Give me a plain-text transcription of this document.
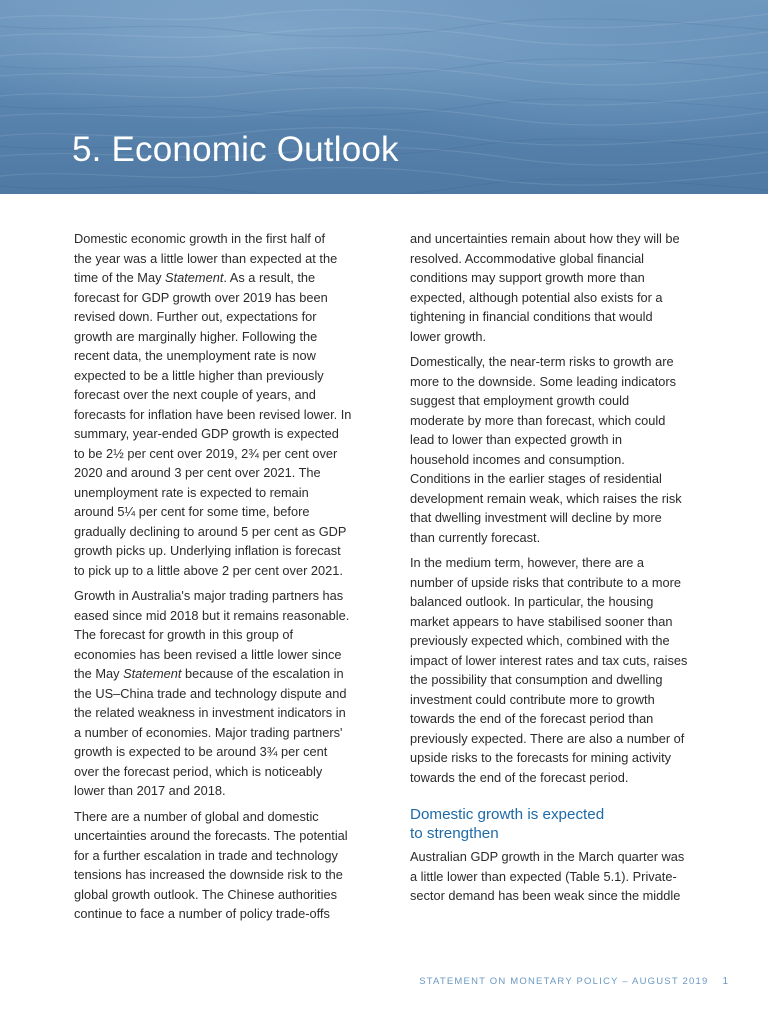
5. Economic Outlook

Domestic economic growth in the first half of
the year was a little lower than expected at the
time of the May Statement. As a result, the
forecast for GDP growth over 2019 has been
revised down. Further out, expectations for
growth are marginally higher. Following the
recent data, the unemployment rate is now
expected to be a little higher than previously
forecast over the next couple of years, and
forecasts for inflation have been revised lower. In
summary, year-ended GDP growth is expected
to be 2½ per cent over 2019, 2¾ per cent over
2020 and around 3 per cent over 2021. The
unemployment rate is expected to remain
around 5¼ per cent for some time, before
gradually declining to around 5 per cent as GDP
growth picks up. Underlying inflation is forecast
to pick up to a little above 2 per cent over 2021.

Growth in Australia's major trading partners has
eased since mid 2018 but it remains reasonable.
The forecast for growth in this group of
economies has been revised a little lower since
the May Statement because of the escalation in
the US–China trade and technology dispute and
the related weakness in investment indicators in
a number of economies. Major trading partners'
growth is expected to be around 3¾ per cent
over the forecast period, which is noticeably
lower than 2017 and 2018.

There are a number of global and domestic
uncertainties around the forecasts. The potential
for a further escalation in trade and technology
tensions has increased the downside risk to the
global growth outlook. The Chinese authorities
continue to face a number of policy trade-offs

and uncertainties remain about how they will be
resolved. Accommodative global financial
conditions may support growth more than
expected, although potential also exists for a
tightening in financial conditions that would
lower growth.

Domestically, the near-term risks to growth are
more to the downside. Some leading indicators
suggest that employment growth could
moderate by more than forecast, which could
lead to lower than expected growth in
household incomes and consumption.
Conditions in the earlier stages of residential
development remain weak, which raises the risk
that dwelling investment will decline by more
than currently forecast.

In the medium term, however, there are a
number of upside risks that contribute to a more
balanced outlook. In particular, the housing
market appears to have stabilised sooner than
previously expected which, combined with the
impact of lower interest rates and tax cuts, raises
the possibility that consumption and dwelling
investment could contribute more to growth
towards the end of the forecast period than
previously expected. There are also a number of
upside risks to the forecasts for mining activity
towards the end of the forecast period.

Domestic growth is expected
to strengthen

Australian GDP growth in the March quarter was
a little lower than expected (Table 5.1). Private-
sector demand has been weak since the middle

STATEMENT ON MONETARY POLICY – AUGUST 2019 1
